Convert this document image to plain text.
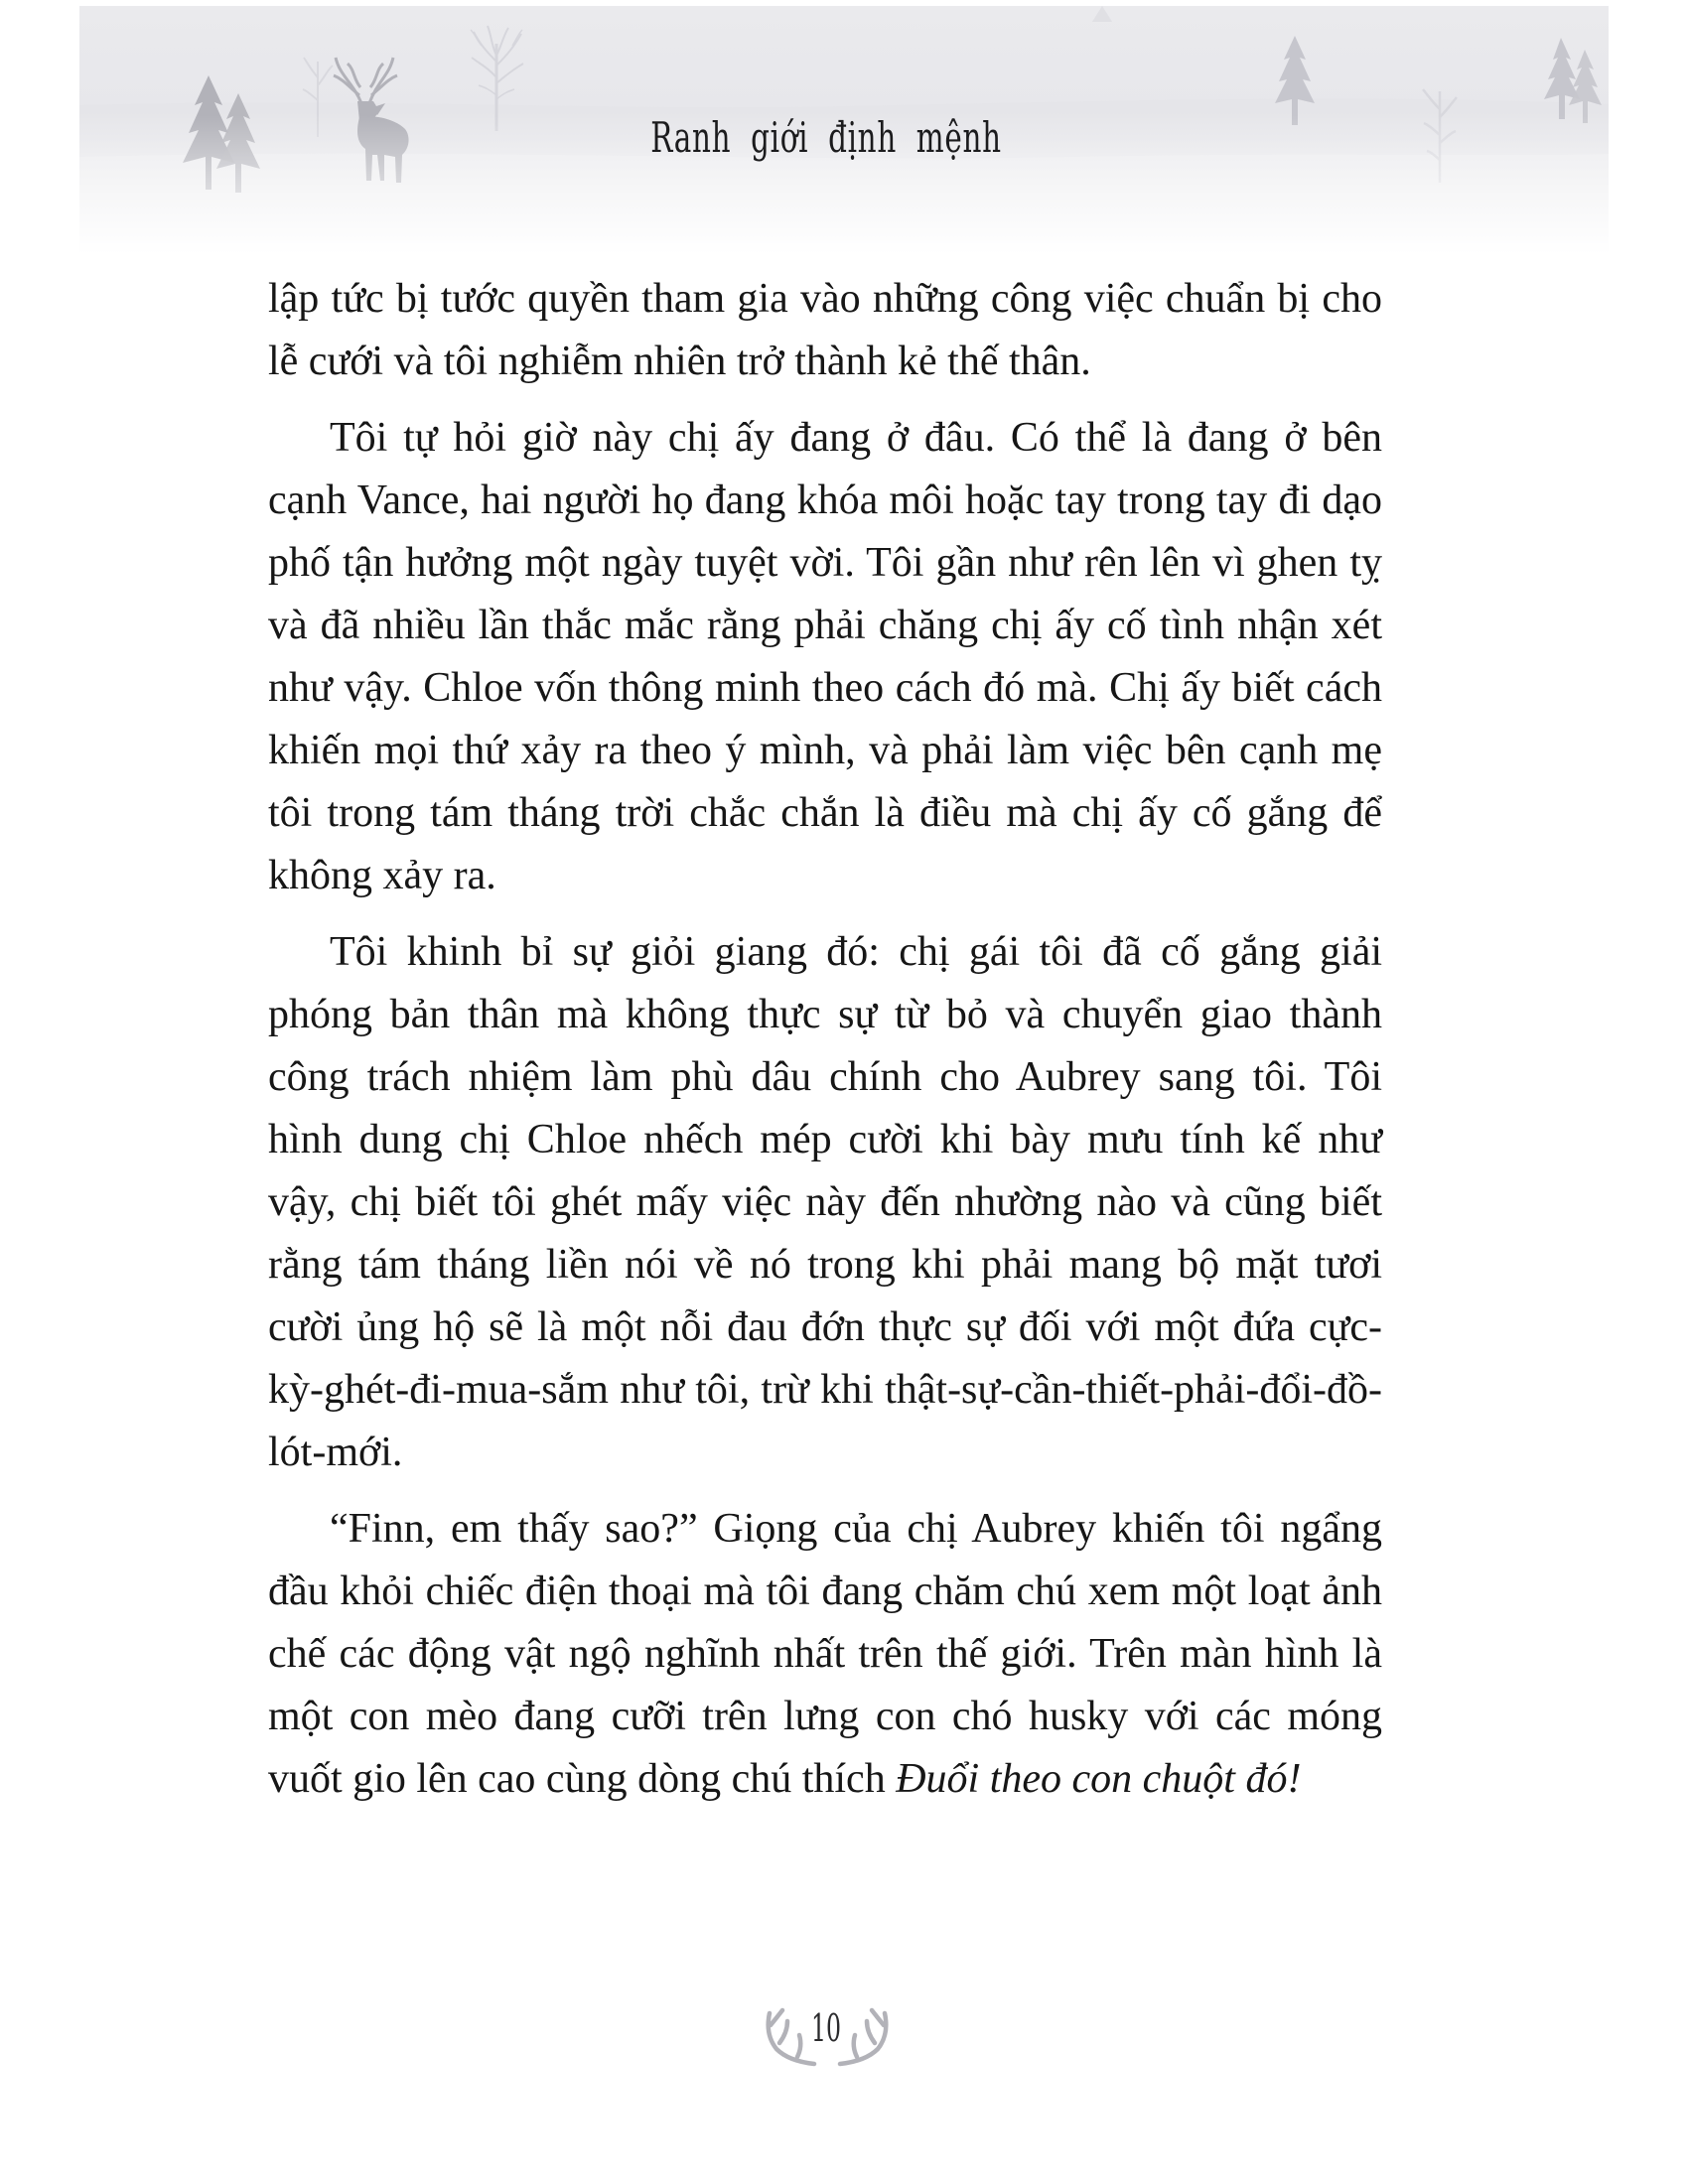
Ranh giới định mệnh

lập tức bị tước quyền tham gia vào những công việc chuẩn bị cho lễ cưới và tôi nghiễm nhiên trở thành kẻ thế thân.

Tôi tự hỏi giờ này chị ấy đang ở đâu. Có thể là đang ở bên cạnh Vance, hai người họ đang khóa môi hoặc tay trong tay đi dạo phố tận hưởng một ngày tuyệt vời. Tôi gần như rên lên vì ghen tỵ và đã nhiều lần thắc mắc rằng phải chăng chị ấy cố tình nhận xét như vậy. Chloe vốn thông minh theo cách đó mà. Chị ấy biết cách khiến mọi thứ xảy ra theo ý mình, và phải làm việc bên cạnh mẹ tôi trong tám tháng trời chắc chắn là điều mà chị ấy cố gắng để không xảy ra.

Tôi khinh bỉ sự giỏi giang đó: chị gái tôi đã cố gắng giải phóng bản thân mà không thực sự từ bỏ và chuyển giao thành công trách nhiệm làm phù dâu chính cho Aubrey sang tôi. Tôi hình dung chị Chloe nhếch mép cười khi bày mưu tính kế như vậy, chị biết tôi ghét mấy việc này đến nhường nào và cũng biết rằng tám tháng liền nói về nó trong khi phải mang bộ mặt tươi cười ủng hộ sẽ là một nỗi đau đớn thực sự đối với một đứa cực-kỳ-ghét-đi-mua-sắm như tôi, trừ khi thật-sự-cần-thiết-phải-đổi-đồ-lót-mới.

“Finn, em thấy sao?” Giọng của chị Aubrey khiến tôi ngẩng đầu khỏi chiếc điện thoại mà tôi đang chăm chú xem một loạt ảnh chế các động vật ngộ nghĩnh nhất trên thế giới. Trên màn hình là một con mèo đang cưỡi trên lưng con chó husky với các móng vuốt gio lên cao cùng dòng chú thích Đuổi theo con chuột đó!

10
